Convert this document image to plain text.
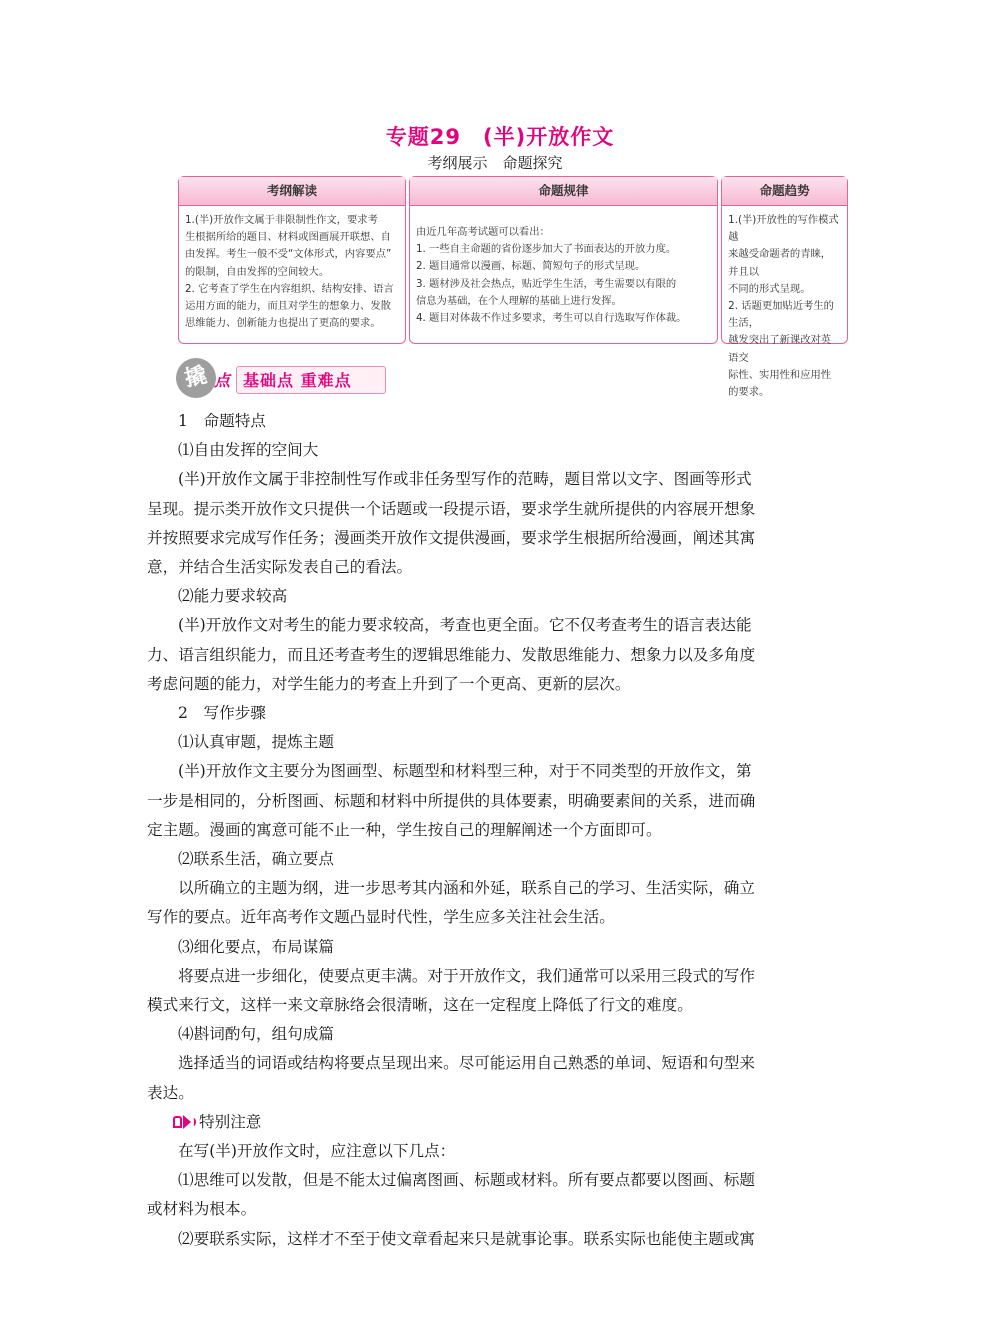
专题29　(半)开放作文
考纲展示　命题探究
考纲解读

1.(半)开放作文属于非限制性作文，要求考

生根据所给的题目、材料或图画展开联想、自

由发挥。考生一般不受“文体形式，内容要点”

的限制，自由发挥的空间较大。

2. 它考查了学生在内容组织、结构安排、语言

运用方面的能力，而且对学生的想象力、发散

思维能力、创新能力也提出了更高的要求。

命题规律

由近几年高考试题可以看出：

1. 一些自主命题的省份逐步加大了书面表达的开放力度。

2. 题目通常以漫画、标题、简短句子的形式呈现。

3. 题材涉及社会热点，贴近学生生活，考生需要以有限的

信息为基础，在个人理解的基础上进行发挥。

4. 题目对体裁不作过多要求，考生可以自行选取写作体裁。

命题趋势

1.(半)开放性的写作模式越

来越受命题者的青睐，并且以

不同的形式呈现。

2. 话题更加贴近考生的生活，

越发突出了新课改对英语交

际性、实用性和应用性的要求。

撬 点 基础点 重难点

1　命题特点

⑴自由发挥的空间大

(半)开放作文属于非控制性写作或非任务型写作的范畴，题目常以文字、图画等形式

呈现。提示类开放作文只提供一个话题或一段提示语，要求学生就所提供的内容展开想象

并按照要求完成写作任务；漫画类开放作文提供漫画，要求学生根据所给漫画，阐述其寓

意，并结合生活实际发表自己的看法。

⑵能力要求较高

(半)开放作文对考生的能力要求较高，考查也更全面。它不仅考查考生的语言表达能

力、语言组织能力，而且还考查考生的逻辑思维能力、发散思维能力、想象力以及多角度

考虑问题的能力，对学生能力的考查上升到了一个更高、更新的层次。

2　写作步骤

⑴认真审题，提炼主题

(半)开放作文主要分为图画型、标题型和材料型三种，对于不同类型的开放作文，第

一步是相同的，分析图画、标题和材料中所提供的具体要素，明确要素间的关系，进而确

定主题。漫画的寓意可能不止一种，学生按自己的理解阐述一个方面即可。

⑵联系生活，确立要点

以所确立的主题为纲，进一步思考其内涵和外延，联系自己的学习、生活实际，确立

写作的要点。近年高考作文题凸显时代性，学生应多关注社会生活。

⑶细化要点，布局谋篇

将要点进一步细化，使要点更丰满。对于开放作文，我们通常可以采用三段式的写作

模式来行文，这样一来文章脉络会很清晰，这在一定程度上降低了行文的难度。

⑷斟词酌句，组句成篇

选择适当的词语或结构将要点呈现出来。尽可能运用自己熟悉的单词、短语和句型来

表达。

特别注意

在写(半)开放作文时，应注意以下几点：

⑴思维可以发散，但是不能太过偏离图画、标题或材料。所有要点都要以图画、标题

或材料为根本。

⑵要联系实际，这样才不至于使文章看起来只是就事论事。联系实际也能使主题或寓
